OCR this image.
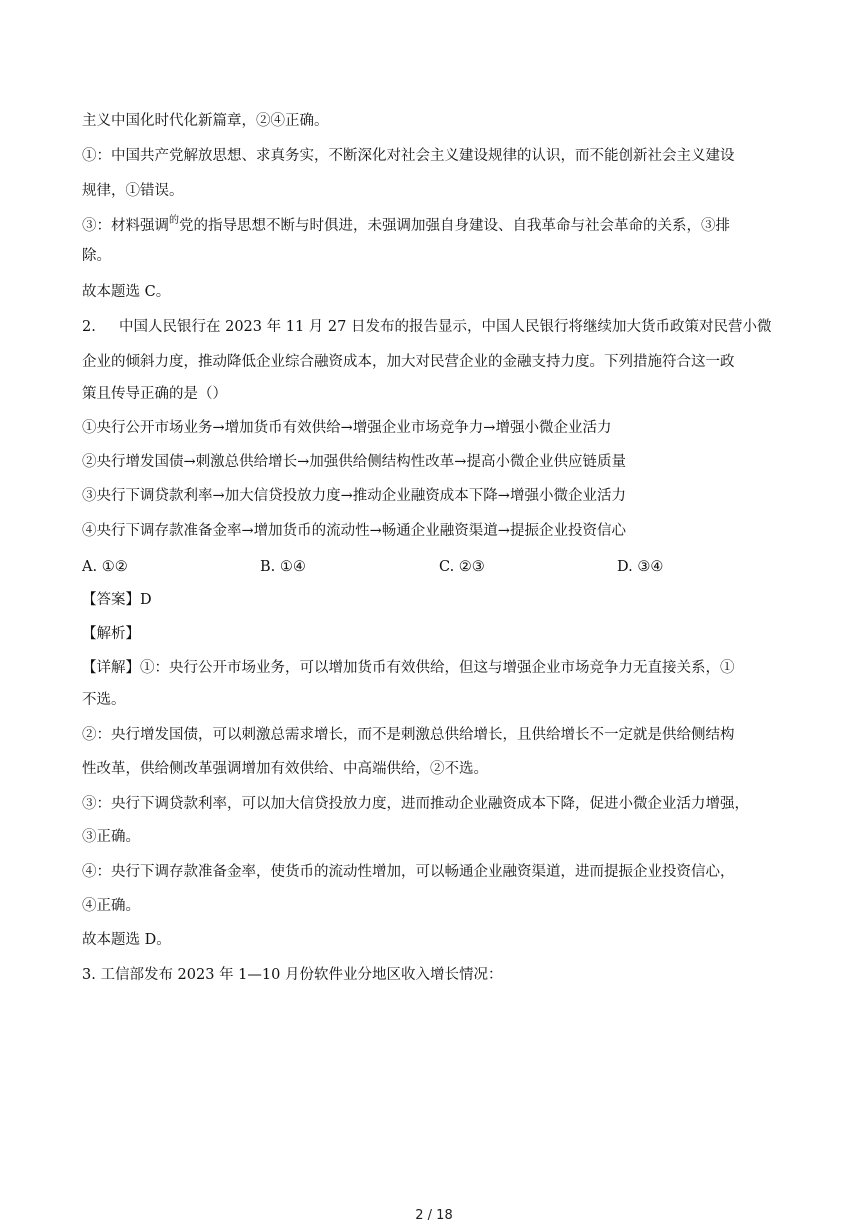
主义中国化时代化新篇章，②④正确。
①：中国共产党解放思想、求真务实，不断深化对社会主义建设规律的认识，而不能创新社会主义建设
规律，①错误。
③：材料强调$^的$党的指导思想不断与时俱进，未强调加强自身建设、自我革命与社会革命的关系，③排
除。
故本题选 C。
2. 中国人民银行在 2023 年 11 月 27 日发布的报告显示，中国人民银行将继续加大货币政策对民营小微
企业的倾斜力度，推动降低企业综合融资成本，加大对民营企业的金融支持力度。下列措施符合这一政
策且传导正确的是（）
①央行公开市场业务→增加货币有效供给→增强企业市场竞争力→增强小微企业活力
②央行增发国债→刺激总供给增长→加强供给侧结构性改革→提高小微企业供应链质量
③央行下调贷款利率→加大信贷投放力度→推动企业融资成本下降→增强小微企业活力
④央行下调存款准备金率→增加货币的流动性→畅通企业融资渠道→提振企业投资信心
A. ①②	B. ①④	C. ②③	D. ③④
【答案】D
【解析】
【详解】①：央行公开市场业务，可以增加货币有效供给，但这与增强企业市场竞争力无直接关系，①
不选。
②：央行增发国债，可以刺激总需求增长，而不是刺激总供给增长，且供给增长不一定就是供给侧结构
性改革，供给侧改革强调增加有效供给、中高端供给，②不选。
③：央行下调贷款利率，可以加大信贷投放力度，进而推动企业融资成本下降，促进小微企业活力增强，
③正确。
④：央行下调存款准备金率，使货币的流动性增加，可以畅通企业融资渠道，进而提振企业投资信心，
④正确。
故本题选 D。
3. 工信部发布 2023 年 1—10 月份软件业分地区收入增长情况：
2 / 18
